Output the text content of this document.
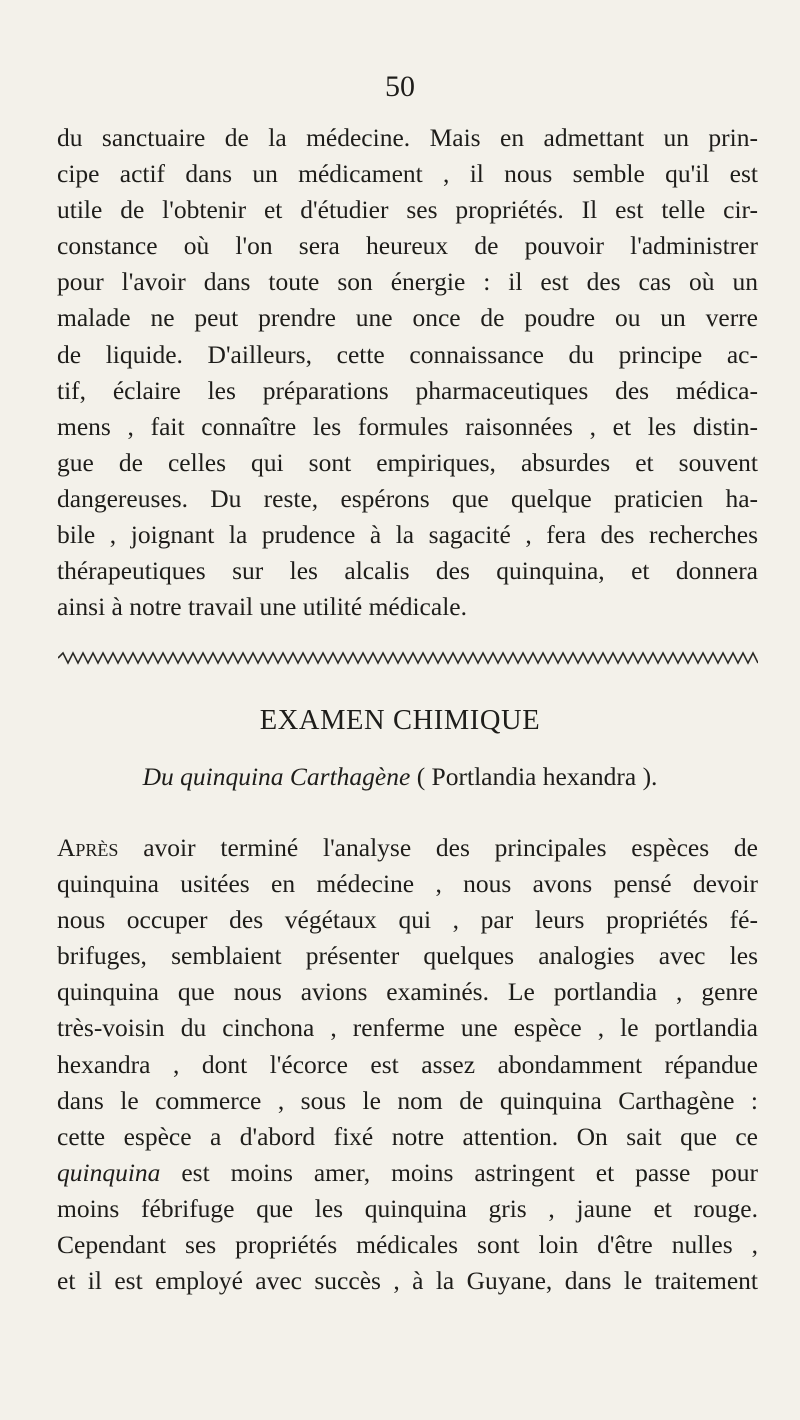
50
du sanctuaire de la médecine. Mais en admettant un prin-
cipe actif dans un médicament , il nous semble qu'il est
utile de l'obtenir et d'étudier ses propriétés. Il est telle cir-
constance où l'on sera heureux de pouvoir l'administrer
pour l'avoir dans toute son énergie : il est des cas où un
malade ne peut prendre une once de poudre ou un verre
de liquide. D'ailleurs, cette connaissance du principe ac-
tif, éclaire les préparations pharmaceutiques des médica-
mens , fait connaître les formules raisonnées , et les distin-
gue de celles qui sont empiriques, absurdes et souvent
dangereuses. Du reste, espérons que quelque praticien ha-
bile , joignant la prudence à la sagacité , fera des recherches
thérapeutiques sur les alcalis des quinquina, et donnera
ainsi à notre travail une utilité médicale.
EXAMEN CHIMIQUE
Du quinquina Carthagène ( Portlandia hexandra ).
Après avoir terminé l'analyse des principales espèces de
quinquina usitées en médecine , nous avons pensé devoir
nous occuper des végétaux qui , par leurs propriétés fé-
brifuges, semblaient présenter quelques analogies avec les
quinquina que nous avions examinés. Le portlandia , genre
très-voisin du cinchona , renferme une espèce , le portlandia
hexandra , dont l'écorce est assez abondamment répandue
dans le commerce , sous le nom de quinquina Carthagène :
cette espèce a d'abord fixé notre attention. On sait que ce
quinquina est moins amer, moins astringent et passe pour
moins fébrifuge que les quinquina gris , jaune et rouge.
Cependant ses propriétés médicales sont loin d'être nulles ,
et il est employé avec succès , à la Guyane, dans le traitement
